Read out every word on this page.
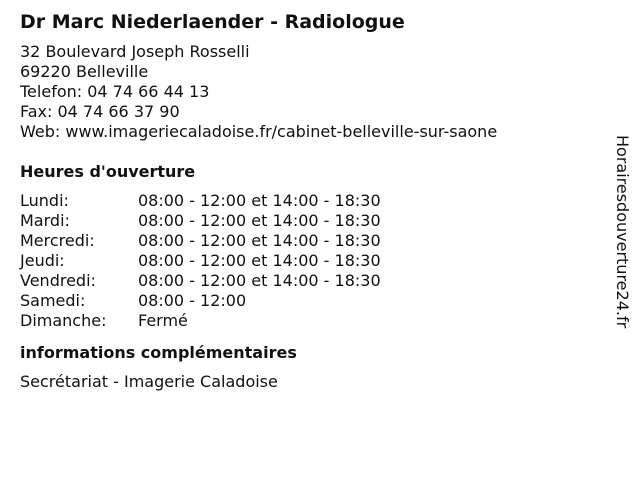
Dr Marc Niederlaender - Radiologue
32 Boulevard Joseph Rosselli
69220 Belleville
Telefon: 04 74 66 44 13
Fax: 04 74 66 37 90
Web: www.imageriecaladoise.fr/cabinet-belleville-sur-saone
Heures d'ouverture
Lundi:	08:00 - 12:00 et 14:00 - 18:30
Mardi:	08:00 - 12:00 et 14:00 - 18:30
Mercredi:	08:00 - 12:00 et 14:00 - 18:30
Jeudi:	08:00 - 12:00 et 14:00 - 18:30
Vendredi:	08:00 - 12:00 et 14:00 - 18:30
Samedi:	08:00 - 12:00
Dimanche:	Fermé
informations complémentaires
Secrétariat - Imagerie Caladoise
Horairesdouverture24.fr
